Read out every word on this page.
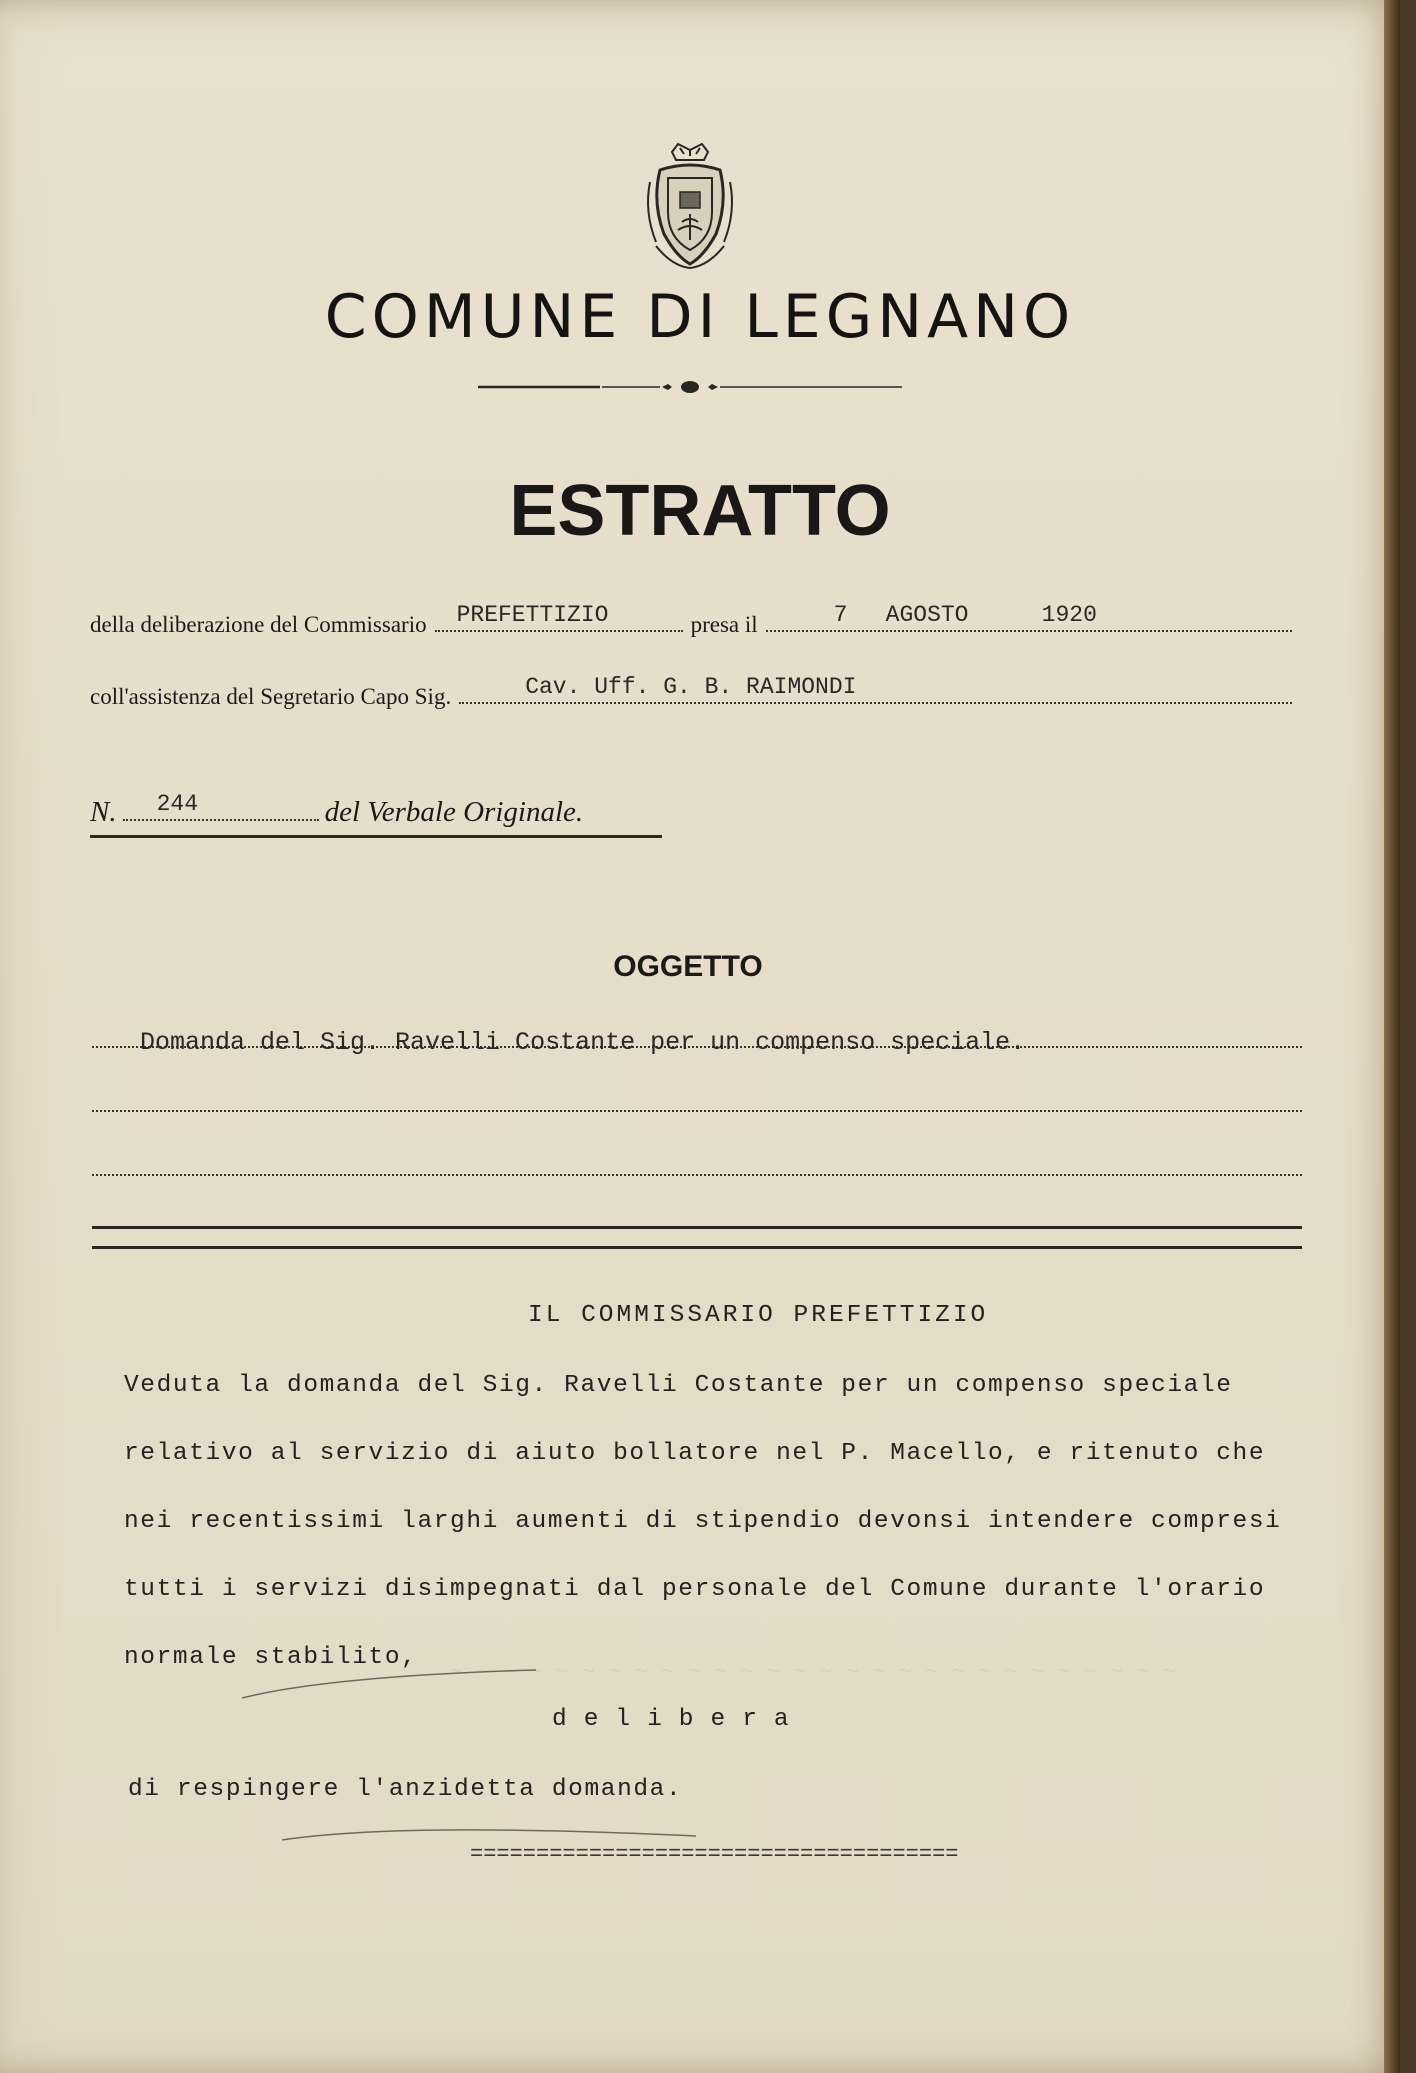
COMUNE DI LEGNANO
ESTRATTO
della deliberazione del Commissario PREFETTIZIO	presa il	7 AGOSTO	1920
coll'assistenza del Segretario Capo Sig.	Cav. Uff. G. B. RAIMONDI
N. 244	del Verbale Originale.
OGGETTO
Domanda del Sig. Ravelli Costante per un compenso speciale.
~ ~ ~ ~ ~ ~ ~ ~ ~ ~ ~ ~ ~ ~ ~ ~ ~ ~ ~ ~ ~ ~ ~ ~ ~ ~ ~ ~
IL COMMISSARIO PREFETTIZIO
Veduta la domanda del Sig. Ravelli Costante per un compenso speciale
relativo al servizio di aiuto bollatore nel P. Macello, e ritenuto che
nei recentissimi larghi aumenti di stipendio devonsi intendere compresi
tutti i servizi disimpegnati dal personale del Comune durante l'orario
normale stabilito,
delibera
di respingere l'anzidetta domanda.
=====================================
